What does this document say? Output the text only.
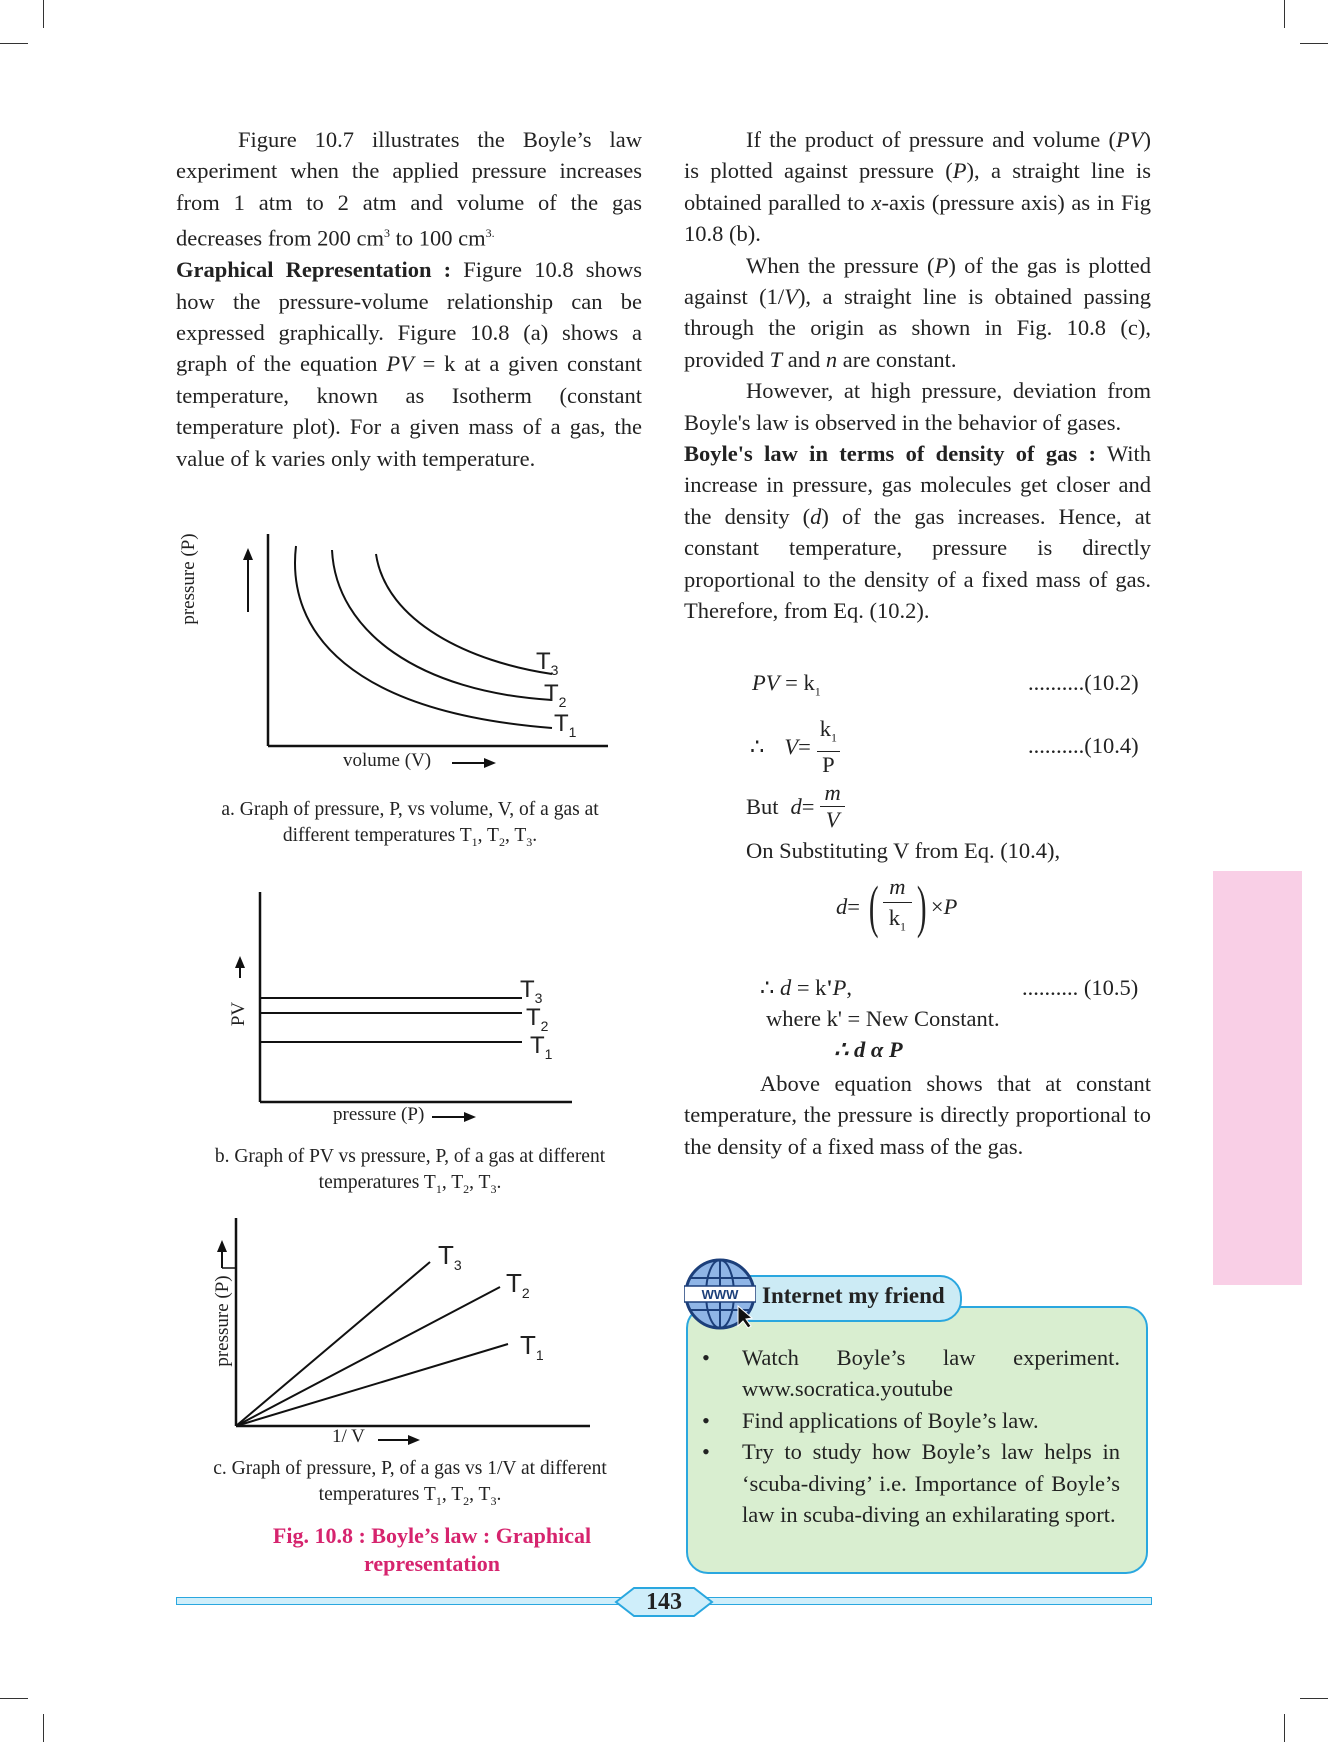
Figure 10.7 illustrates the Boyle’s law experiment when the applied pressure increases from 1 atm to 2 atm and volume of the gas decreases from 200 $cm^3$ to 100 $cm^{3.}$

Graphical Representation : Figure 10.8 shows how the pressure-volume relationship can be expressed graphically. Figure 10.8 (a) shows a graph of the equation PV = k at a given constant temperature, known as Isotherm (constant temperature plot). For a given mass of a gas, the value of k varies only with temperature.

pressure (P)
volume (V)
$T_3$
$T_2$
$T_1$
a. Graph of pressure, P, vs volume, V, of a gas at
different temperatures $T_1$, $T_2$, $T_3$.
PV
pressure (P)
$T_3$
$T_2$
$T_1$
b. Graph of PV vs pressure, P, of a gas at different
temperatures $T_1$, $T_2$, $T_3$.
pressure (P)
1/ V
$T_3$
$T_2$
$T_1$
c. Graph of pressure, P, of a gas vs 1/V at different
temperatures $T_1$, $T_2$, $T_3$.
Fig. 10.8 : Boyle’s law : Graphical
representation

If the product of pressure and volume (PV) is plotted against pressure (P), a straight line is obtained paralled to x-axis (pressure axis) as in Fig 10.8 (b).

When the pressure (P) of the gas is plotted against (1/V), a straight line is obtained passing through the origin as shown in Fig. 10.8 (c), provided T and n are constant.

However, at high pressure, deviation from Boyle's law is observed in the behavior of gases.

Boyle's law in terms of density of gas : With increase in pressure, gas molecules get closer and the density (d) of the gas increases. Hence, at constant temperature, pressure is directly proportional to the density of a fixed mass of gas. Therefore, from Eq. (10.2).

PV = $k_1$	..........(10.2)
∴ $V = \frac{k_1}{P}$	..........(10.4)
But $d = \frac{m}{V}$
On Substituting V from Eq. (10.4),
d = ( m
$k_1$ ) × P
∴ d = k'P,	.......... (10.5)
where k' = New Constant.
∴ d α P

Above equation shows that at constant temperature, the pressure is directly proportional to the density of a fixed mass of the gas.

Internet my friend
WWW
• Watch Boyle’s law experiment. www.socratica.youtube
• Find applications of Boyle’s law.
• Try to study how Boyle’s law helps in ‘scuba-diving’ i.e. Importance of Boyle’s law in scuba-diving an exhilarating sport.
143
